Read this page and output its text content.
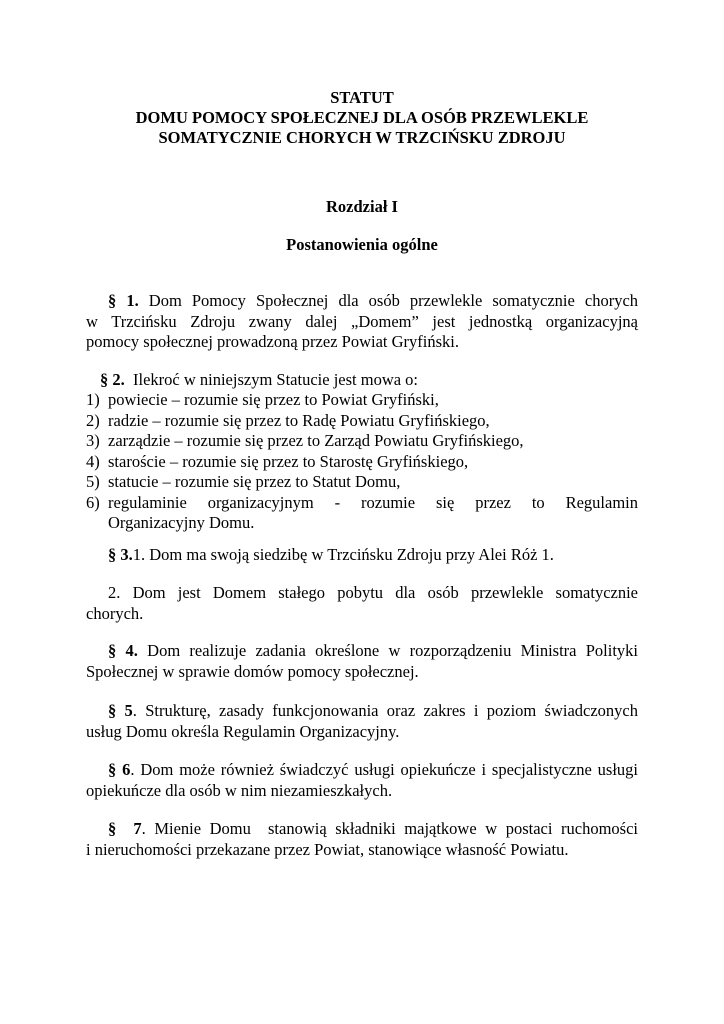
STATUT
DOMU POMOCY SPOŁECZNEJ DLA OSÓB PRZEWLEKLE
SOMATYCZNIE CHORYCH W TRZCIŃSKU ZDROJU
Rozdział I
Postanowienia ogólne
§ 1. Dom Pomocy Społecznej dla osób przewlekle somatycznie chorych
w Trzcińsku Zdroju zwany dalej „Domem” jest jednostką organizacyjną
pomocy społecznej prowadzoną przez Powiat Gryfiński.
§ 2. Ilekroć w niniejszym Statucie jest mowa o:
1) powiecie – rozumie się przez to Powiat Gryfiński,
2) radzie – rozumie się przez to Radę Powiatu Gryfińskiego,
3) zarządzie – rozumie się przez to Zarząd Powiatu Gryfińskiego,
4) staroście – rozumie się przez to Starostę Gryfińskiego,
5) statucie – rozumie się przez to Statut Domu,
6) regulaminie organizacyjnym - rozumie się przez to Regulamin
Organizacyjny Domu.
§ 3.1. Dom ma swoją siedzibę w Trzcińsku Zdroju przy Alei Róż 1.
2. Dom jest Domem stałego pobytu dla osób przewlekle somatycznie
chorych.
§ 4. Dom realizuje zadania określone w rozporządzeniu Ministra Polityki
Społecznej w sprawie domów pomocy społecznej.
§ 5. Strukturę, zasady funkcjonowania oraz zakres i poziom świadczonych
usług Domu określa Regulamin Organizacyjny.
§ 6. Dom może również świadczyć usługi opiekuńcze i specjalistyczne usługi
opiekuńcze dla osób w nim niezamieszkałych.
§  7. Mienie Domu  stanowią składniki majątkowe w postaci ruchomości
i nieruchomości przekazane przez Powiat, stanowiące własność Powiatu.
